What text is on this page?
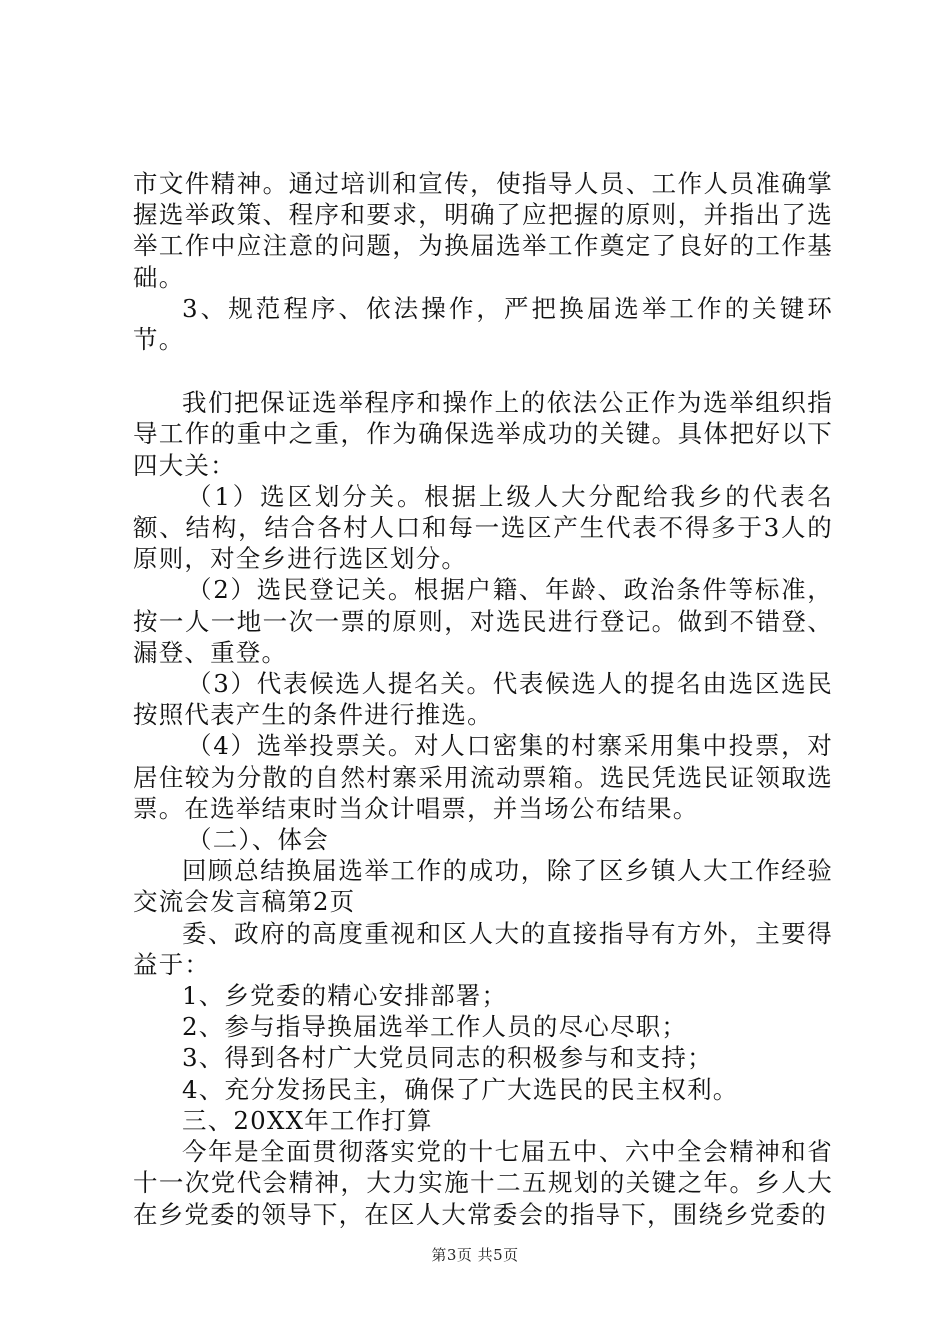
市文件精神。通过培训和宣传，使指导人员、工作人员准确掌握选举政策、程序和要求，明确了应把握的原则，并指出了选举工作中应注意的问题，为换届选举工作奠定了良好的工作基础。

3、规范程序、依法操作，严把换届选举工作的关键环节。

我们把保证选举程序和操作上的依法公正作为选举组织指导工作的重中之重，作为确保选举成功的关键。具体把好以下四大关：

（1）选区划分关。根据上级人大分配给我乡的代表名额、结构，结合各村人口和每一选区产生代表不得多于3人的原则，对全乡进行选区划分。

（2）选民登记关。根据户籍、年龄、政治条件等标准，按一人一地一次一票的原则，对选民进行登记。做到不错登、漏登、重登。

（3）代表候选人提名关。代表候选人的提名由选区选民按照代表产生的条件进行推选。

（4）选举投票关。对人口密集的村寨采用集中投票，对居住较为分散的自然村寨采用流动票箱。选民凭选民证领取选票。在选举结束时当众计唱票，并当场公布结果。

（二）、体会

回顾总结换届选举工作的成功，除了区乡镇人大工作经验交流会发言稿第2页

委、政府的高度重视和区人大的直接指导有方外，主要得益于：

1、乡党委的精心安排部署；

2、参与指导换届选举工作人员的尽心尽职；

3、得到各村广大党员同志的积极参与和支持；

4、充分发扬民主，确保了广大选民的民主权利。

三、20XX年工作打算

今年是全面贯彻落实党的十七届五中、六中全会精神和省十一次党代会精神，大力实施十二五规划的关键之年。乡人大在乡党委的领导下，在区人大常委会的指导下，围绕乡党委的

第3页 共5页
